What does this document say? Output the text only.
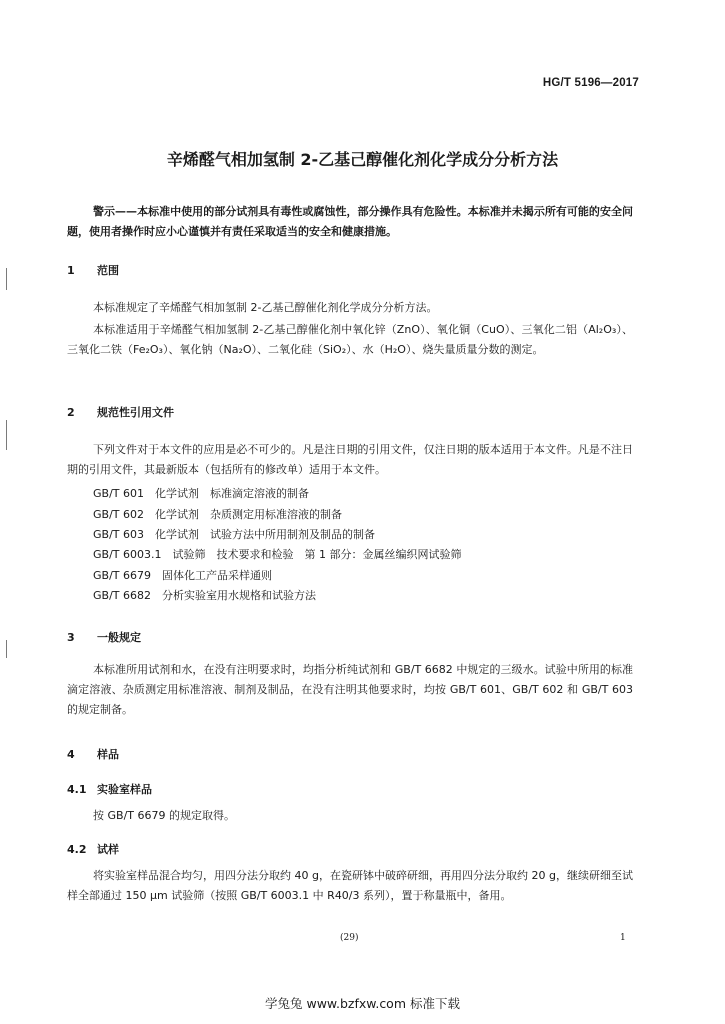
HG/T 5196—2017
辛烯醛气相加氢制 2-乙基己醇催化剂化学成分分析方法
警示——本标准中使用的部分试剂具有毒性或腐蚀性，部分操作具有危险性。本标准并未揭示所有可能的安全问题，使用者操作时应小心谨慎并有责任采取适当的安全和健康措施。
1 范围
本标准规定了辛烯醛气相加氢制 2-乙基己醇催化剂化学成分分析方法。
本标准适用于辛烯醛气相加氢制 2-乙基己醇催化剂中氧化锌（ZnO）、氧化铜（CuO）、三氧化二铝（Al₂O₃）、三氧化二铁（Fe₂O₃）、氧化钠（Na₂O）、二氧化硅（SiO₂）、水（H₂O）、烧失量质量分数的测定。
2 规范性引用文件
下列文件对于本文件的应用是必不可少的。凡是注日期的引用文件，仅注日期的版本适用于本文件。凡是不注日期的引用文件，其最新版本（包括所有的修改单）适用于本文件。
GB/T 601　化学试剂　标准滴定溶液的制备
GB/T 602　化学试剂　杂质测定用标准溶液的制备
GB/T 603　化学试剂　试验方法中所用制剂及制品的制备
GB/T 6003.1　试验筛　技术要求和检验　第 1 部分：金属丝编织网试验筛
GB/T 6679　固体化工产品采样通则
GB/T 6682　分析实验室用水规格和试验方法
3 一般规定
本标准所用试剂和水，在没有注明要求时，均指分析纯试剂和 GB/T 6682 中规定的三级水。试验中所用的标准滴定溶液、杂质测定用标准溶液、制剂及制品，在没有注明其他要求时，均按 GB/T 601、GB/T 602 和 GB/T 603 的规定制备。
4 样品
4.1 实验室样品
按 GB/T 6679 的规定取得。
4.2 试样
将实验室样品混合均匀，用四分法分取约 40 g，在瓷研钵中破碎研细，再用四分法分取约 20 g，继续研细至试样全部通过 150 μm 试验筛（按照 GB/T 6003.1 中 R40/3 系列），置于称量瓶中，备用。
(29)	1
学兔兔 www.bzfxw.com 标准下载
